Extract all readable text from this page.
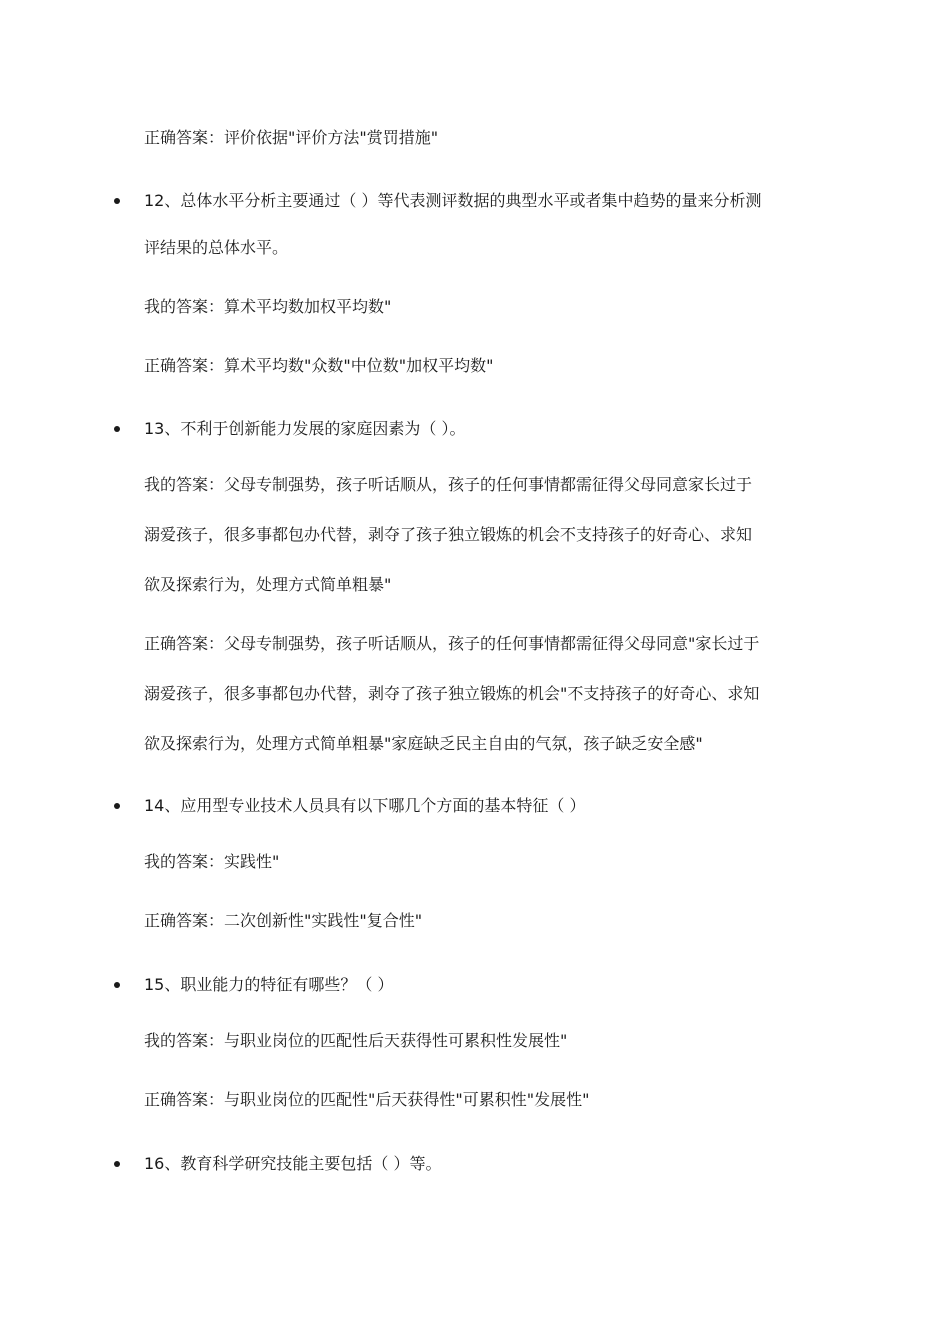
正确答案：评价依据"评价方法"赏罚措施"
12、总体水平分析主要通过（ ）等代表测评数据的典型水平或者集中趋势的量来分析测
评结果的总体水平。
我的答案：算术平均数加权平均数"
正确答案：算术平均数"众数"中位数"加权平均数"
13、不利于创新能力发展的家庭因素为（ ）。
我的答案：父母专制强势，孩子听话顺从，孩子的任何事情都需征得父母同意家长过于
溺爱孩子，很多事都包办代替，剥夺了孩子独立锻炼的机会不支持孩子的好奇心、求知
欲及探索行为，处理方式简单粗暴"
正确答案：父母专制强势，孩子听话顺从，孩子的任何事情都需征得父母同意"家长过于
溺爱孩子，很多事都包办代替，剥夺了孩子独立锻炼的机会"不支持孩子的好奇心、求知
欲及探索行为，处理方式简单粗暴"家庭缺乏民主自由的气氛，孩子缺乏安全感"
14、应用型专业技术人员具有以下哪几个方面的基本特征（ ）
我的答案：实践性"
正确答案：二次创新性"实践性"复合性"
15、职业能力的特征有哪些？（ ）
我的答案：与职业岗位的匹配性后天获得性可累积性发展性"
正确答案：与职业岗位的匹配性"后天获得性"可累积性"发展性"
16、教育科学研究技能主要包括（ ）等。
